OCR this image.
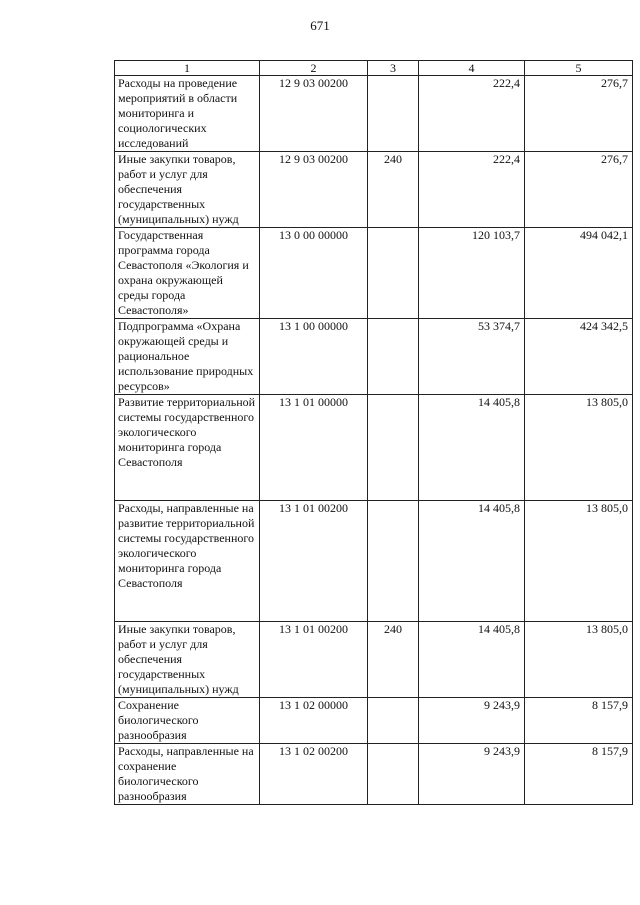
671
1	2	3	4	5

Расходы на проведение мероприятий в области мониторинга и социологических исследований	12 9 03 00200		222,4	276,7

Иные закупки товаров, работ и услуг для обеспечения государственных (муниципальных) нужд	12 9 03 00200	240	222,4	276,7

Государственная программа города Севастополя «Экология и охрана окружающей среды города Севастополя»	13 0 00 00000		120 103,7	494 042,1

Подпрограмма «Охрана окружающей среды и рациональное использование природных ресурсов»	13 1 00 00000		53 374,7	424 342,5

Развитие территориальной системы государственного экологического мониторинга города Севастополя	13 1 01 00000		14 405,8	13 805,0

Расходы, направленные на развитие территориальной системы государственного экологического мониторинга города Севастополя	13 1 01 00200		14 405,8	13 805,0

Иные закупки товаров, работ и услуг для обеспечения государственных (муниципальных) нужд	13 1 01 00200	240	14 405,8	13 805,0

Сохранение биологического разнообразия	13 1 02 00000		9 243,9	8 157,9

Расходы, направленные на сохранение биологического разнообразия	13 1 02 00200		9 243,9	8 157,9
